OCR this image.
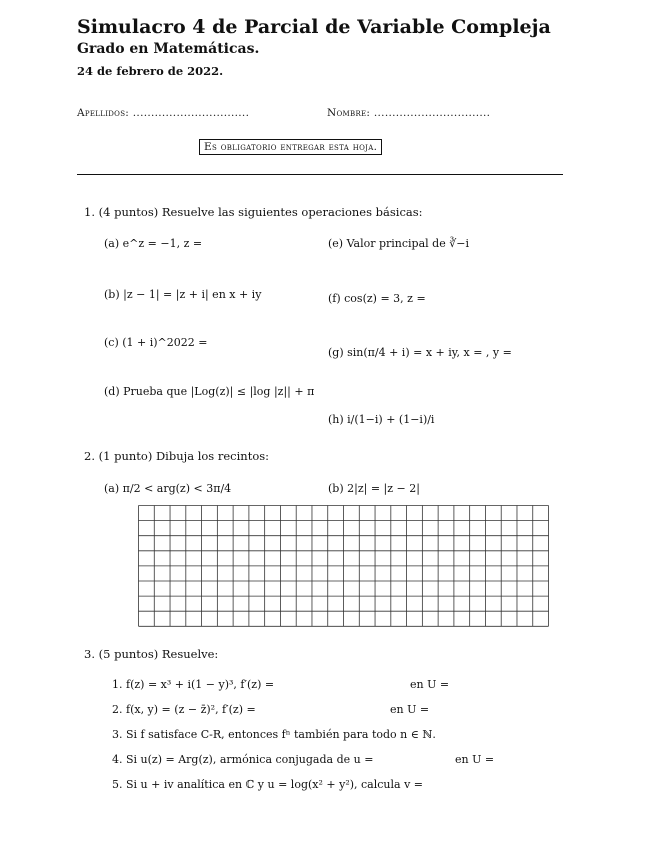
Simulacro 4 de Parcial de Variable Compleja
Grado en Matemáticas.
24 de febrero de 2022.
Apellidos: ................................	Nombre: ................................
Es obligatorio entregar esta hoja.
1. (4 puntos) Resuelve las siguientes operaciones básicas:
(a) e^z = −1, z =
(b) |z − 1| = |z + i| en x + iy
(c) (1 + i)^2022 =
(d) Prueba que |Log(z)| ≤ |log |z|| + π
(e) Valor principal de ∛−i
(f) cos(z) = 3, z =
(g) sin(π/4 + i) = x + iy, x = , y =
(h) i/(1−i) + (1−i)/i
2. (1 punto) Dibuja los recintos:
(a) π/2 < arg(z) < 3π/4	(b) 2|z| = |z − 2|
3. (5 puntos) Resuelve:
1. f(z) = x³ + i(1 − y)³, f′(z) =	en U =
2. f(x, y) = (z − z̄)², f′(z) =	en U =
3. Si f satisface C-R, entonces fⁿ también para todo n ∈ ℕ.
4. Si u(z) = Arg(z), armónica conjugada de u =	en U =
5. Si u + iv analítica en ℂ y u = log(x² + y²), calcula v =
